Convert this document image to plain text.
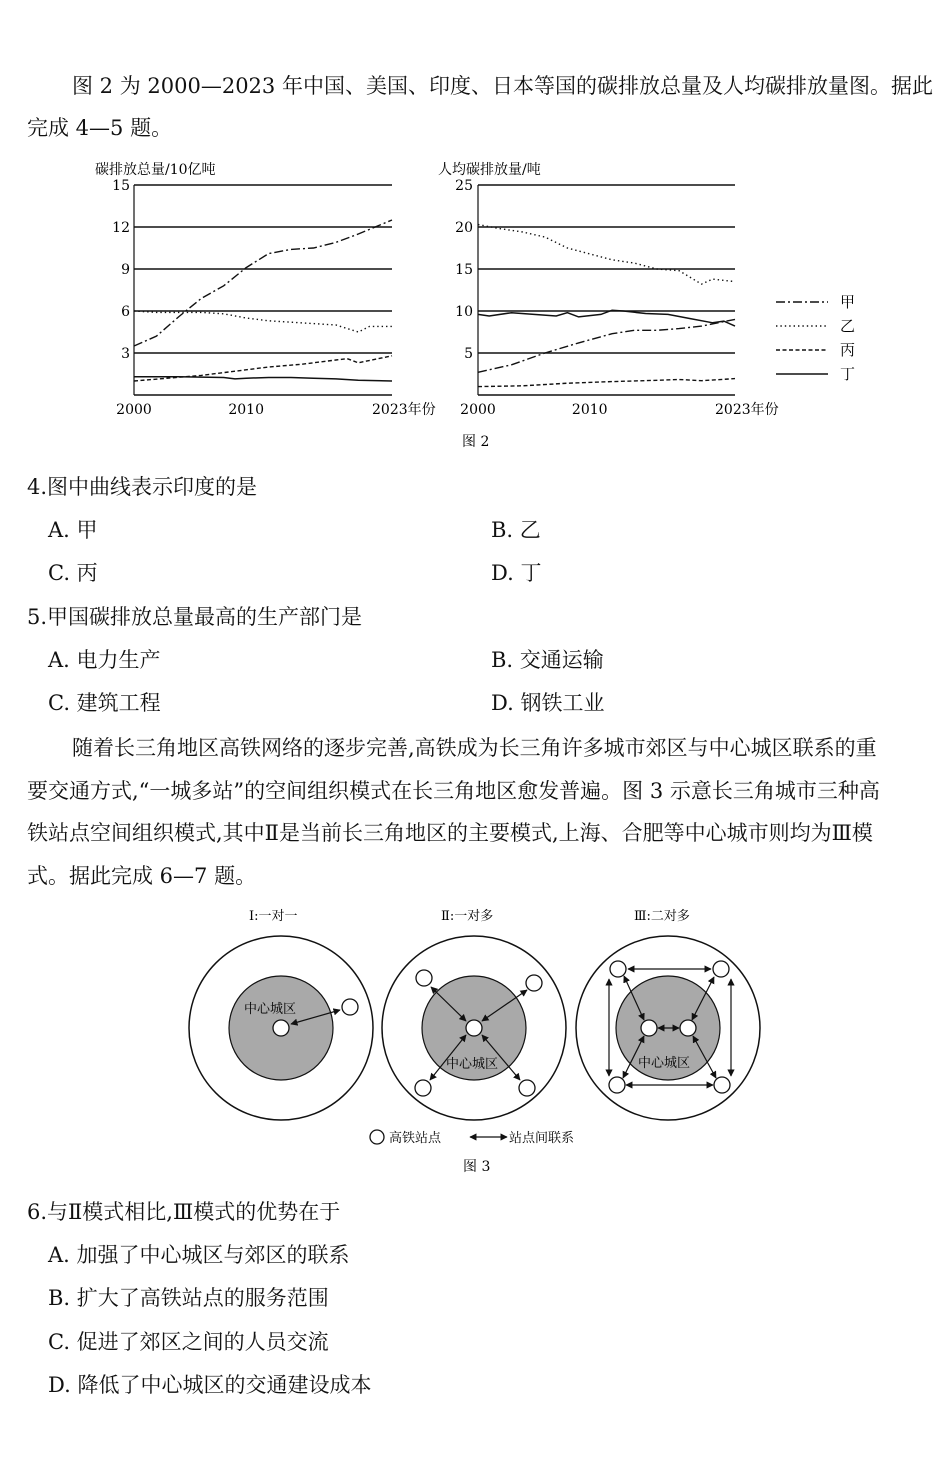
图 2 为 2000—2023 年中国、美国、印度、日本等国的碳排放总量及人均碳排放量图。据此
完成 4—5 题。
碳排放总量/10亿吨
15
12
9
6
3
2000	2010	2023年份
人均碳排放量/吨
25
20
15
10
5
2000	2010	2023年份
甲
乙
丙
丁
图 2
4.图中曲线表示印度的是
A. 甲	B. 乙
C. 丙	D. 丁
5.甲国碳排放总量最高的生产部门是
A. 电力生产	B. 交通运输
C. 建筑工程	D. 钢铁工业
随着长三角地区高铁网络的逐步完善,高铁成为长三角许多城市郊区与中心城区联系的重
要交通方式,“一城多站”的空间组织模式在长三角地区愈发普遍。图 3 示意长三角城市三种高
铁站点空间组织模式,其中Ⅱ是当前长三角地区的主要模式,上海、合肥等中心城市则均为Ⅲ模
式。据此完成 6—7 题。
Ⅰ:一对一
中心城区
Ⅱ:一对多
中心城区
Ⅲ:二对多
中心城区
高铁站点	站点间联系
图 3
6.与Ⅱ模式相比,Ⅲ模式的优势在于
A. 加强了中心城区与郊区的联系
B. 扩大了高铁站点的服务范围
C. 促进了郊区之间的人员交流
D. 降低了中心城区的交通建设成本
